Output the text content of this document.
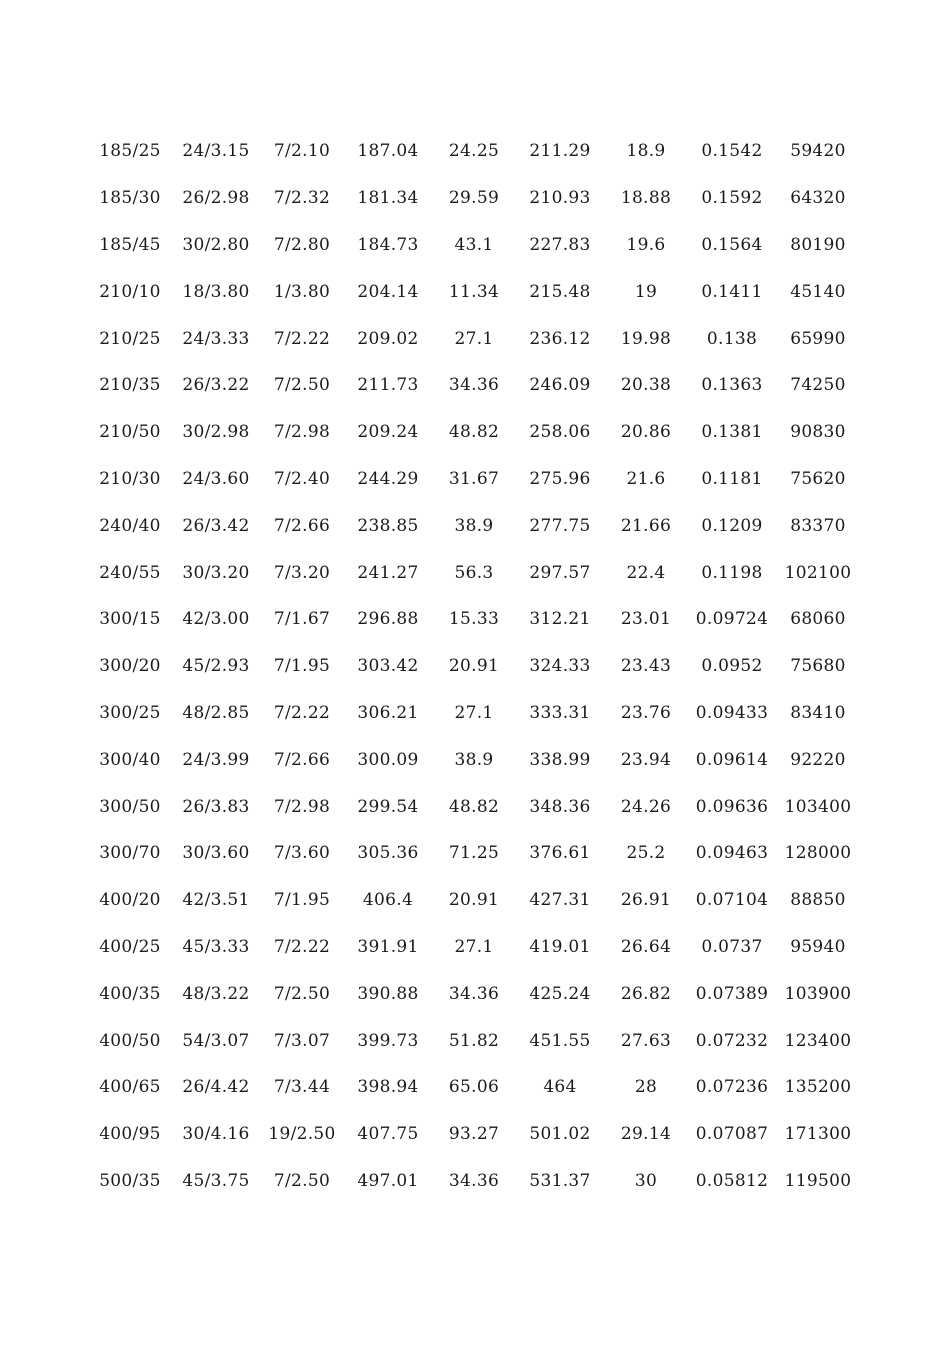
185/25	24/3.15	7/2.10	187.04	24.25	211.29	18.9	0.1542	59420
185/30	26/2.98	7/2.32	181.34	29.59	210.93	18.88	0.1592	64320
185/45	30/2.80	7/2.80	184.73	43.1	227.83	19.6	0.1564	80190
210/10	18/3.80	1/3.80	204.14	11.34	215.48	19	0.1411	45140
210/25	24/3.33	7/2.22	209.02	27.1	236.12	19.98	0.138	65990
210/35	26/3.22	7/2.50	211.73	34.36	246.09	20.38	0.1363	74250
210/50	30/2.98	7/2.98	209.24	48.82	258.06	20.86	0.1381	90830
210/30	24/3.60	7/2.40	244.29	31.67	275.96	21.6	0.1181	75620
240/40	26/3.42	7/2.66	238.85	38.9	277.75	21.66	0.1209	83370
240/55	30/3.20	7/3.20	241.27	56.3	297.57	22.4	0.1198	102100
300/15	42/3.00	7/1.67	296.88	15.33	312.21	23.01	0.09724	68060
300/20	45/2.93	7/1.95	303.42	20.91	324.33	23.43	0.0952	75680
300/25	48/2.85	7/2.22	306.21	27.1	333.31	23.76	0.09433	83410
300/40	24/3.99	7/2.66	300.09	38.9	338.99	23.94	0.09614	92220
300/50	26/3.83	7/2.98	299.54	48.82	348.36	24.26	0.09636	103400
300/70	30/3.60	7/3.60	305.36	71.25	376.61	25.2	0.09463	128000
400/20	42/3.51	7/1.95	406.4	20.91	427.31	26.91	0.07104	88850
400/25	45/3.33	7/2.22	391.91	27.1	419.01	26.64	0.0737	95940
400/35	48/3.22	7/2.50	390.88	34.36	425.24	26.82	0.07389	103900
400/50	54/3.07	7/3.07	399.73	51.82	451.55	27.63	0.07232	123400
400/65	26/4.42	7/3.44	398.94	65.06	464	28	0.07236	135200
400/95	30/4.16	19/2.50	407.75	93.27	501.02	29.14	0.07087	171300
500/35	45/3.75	7/2.50	497.01	34.36	531.37	30	0.05812	119500
